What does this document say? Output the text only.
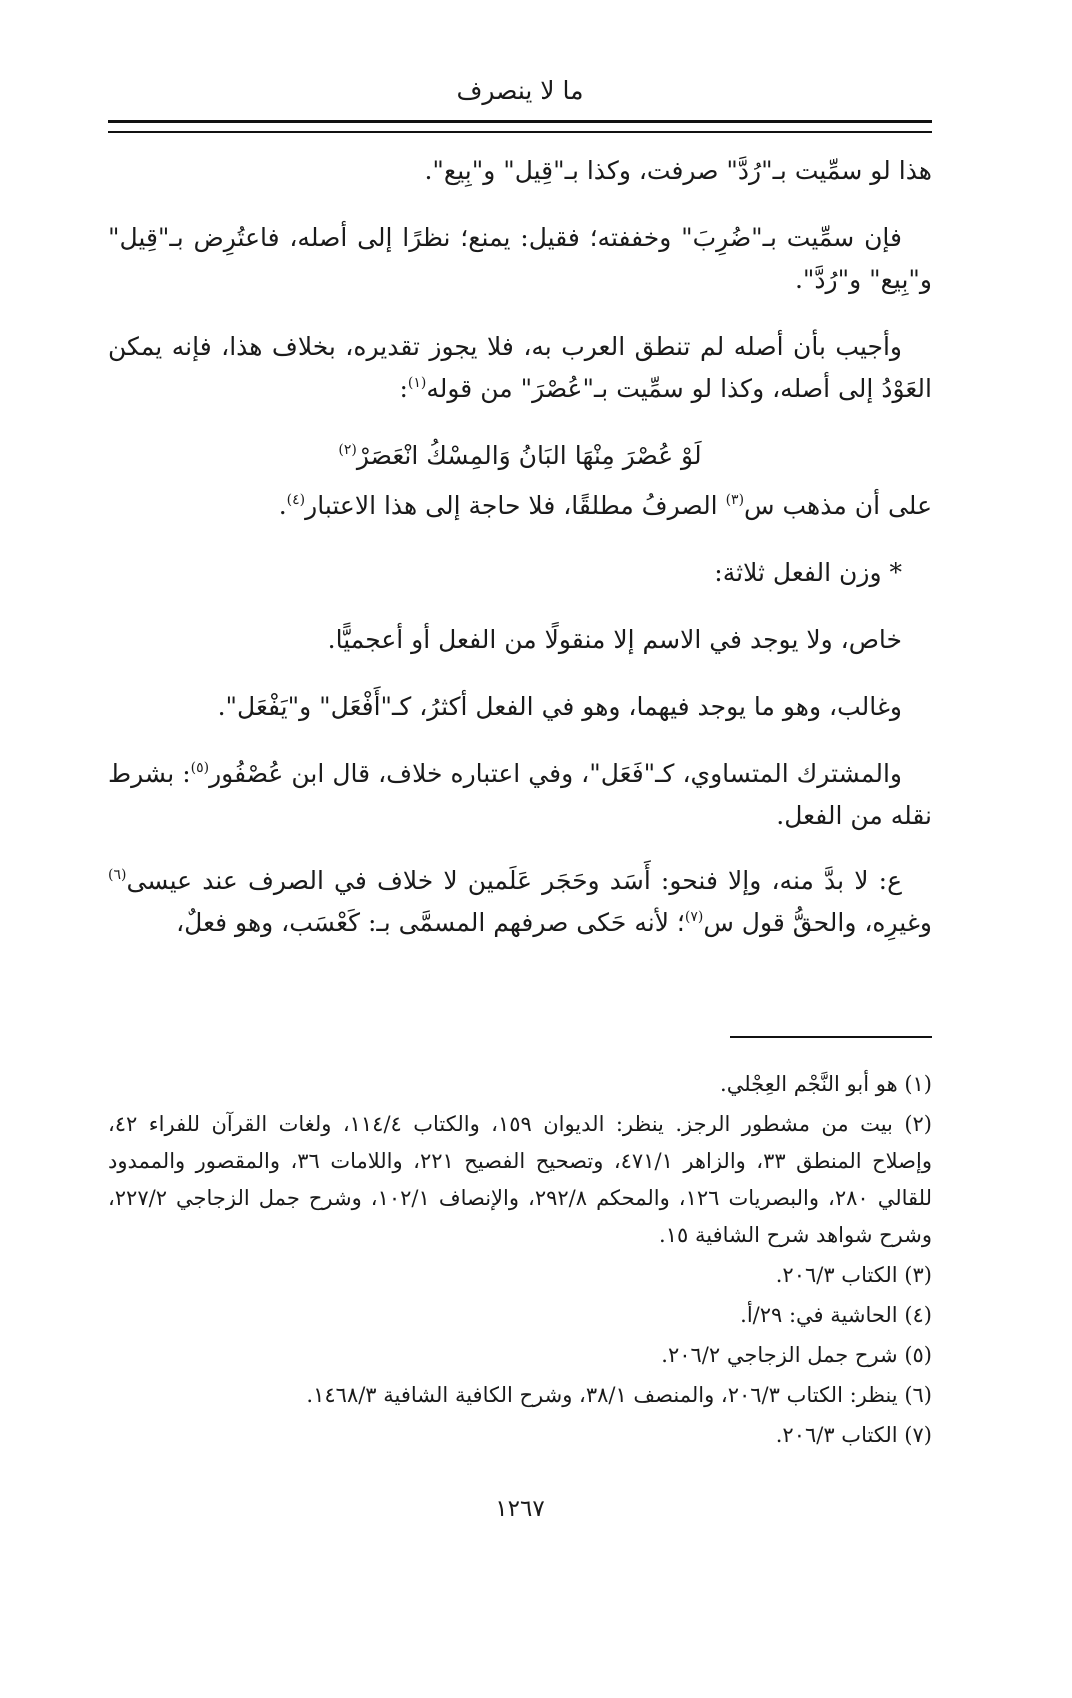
ما لا ينصرف

هذا لو سمِّيت بـ"رُدَّ" صرفت، وكذا بـ"قِيل" و"بِيع".

فإن سمِّيت بـ"ضُرِبَ" وخففته؛ فقيل: يمنع؛ نظرًا إلى أصله، فاعتُرِض بـ"قِيل" و"بِيع" و"رُدَّ".

وأجيب بأن أصله لم تنطق العرب به، فلا يجوز تقديره، بخلاف هذا، فإنه يمكن العَوْدُ إلى أصله، وكذا لو سمِّيت بـ"عُصْرَ" من قوله$^{(١)}$:

لَوْ عُصْرَ مِنْهَا البَانُ وَالمِسْكُ انْعَصَرْ$^{(٢)}$

على أن مذهب س$^{(٣)}$ الصرفُ مطلقًا، فلا حاجة إلى هذا الاعتبار$^{(٤)}$.

* وزن الفعل ثلاثة:

خاص، ولا يوجد في الاسم إلا منقولًا من الفعل أو أعجميًّا.

وغالب، وهو ما يوجد فيهما، وهو في الفعل أكثرُ، كـ"أَفْعَل" و"يَفْعَل".

والمشترك المتساوي، كـ"فَعَل"، وفي اعتباره خلاف، قال ابن عُصْفُور$^{(٥)}$: بشرط نقله من الفعل.

ع: لا بدَّ منه، وإلا فنحو: أَسَد وحَجَر عَلَمين لا خلاف في الصرف عند عيسى$^{(٦)}$ وغيرِه، والحقُّ قول س$^{(٧)}$؛ لأنه حَكى صرفهم المسمَّى بـ: كَعْسَب، وهو فعلٌ،

(١) هو أبو النَّجْم العِجْلي.

(٢) بيت من مشطور الرجز. ينظر: الديوان ١٥٩، والكتاب ١١٤/٤، ولغات القرآن للفراء ٤٢، وإصلاح المنطق ٣٣، والزاهر ٤٧١/١، وتصحيح الفصيح ٢٢١، واللامات ٣٦، والمقصور والممدود للقالي ٢٨٠، والبصريات ١٢٦، والمحكم ٢٩٢/٨، والإنصاف ١٠٢/١، وشرح جمل الزجاجي ٢٢٧/٢، وشرح شواهد شرح الشافية ١٥.

(٣) الكتاب ٢٠٦/٣.

(٤) الحاشية في: ٢٩/أ.

(٥) شرح جمل الزجاجي ٢٠٦/٢.

(٦) ينظر: الكتاب ٢٠٦/٣، والمنصف ٣٨/١، وشرح الكافية الشافية ١٤٦٨/٣.

(٧) الكتاب ٢٠٦/٣.

١٢٦٧
